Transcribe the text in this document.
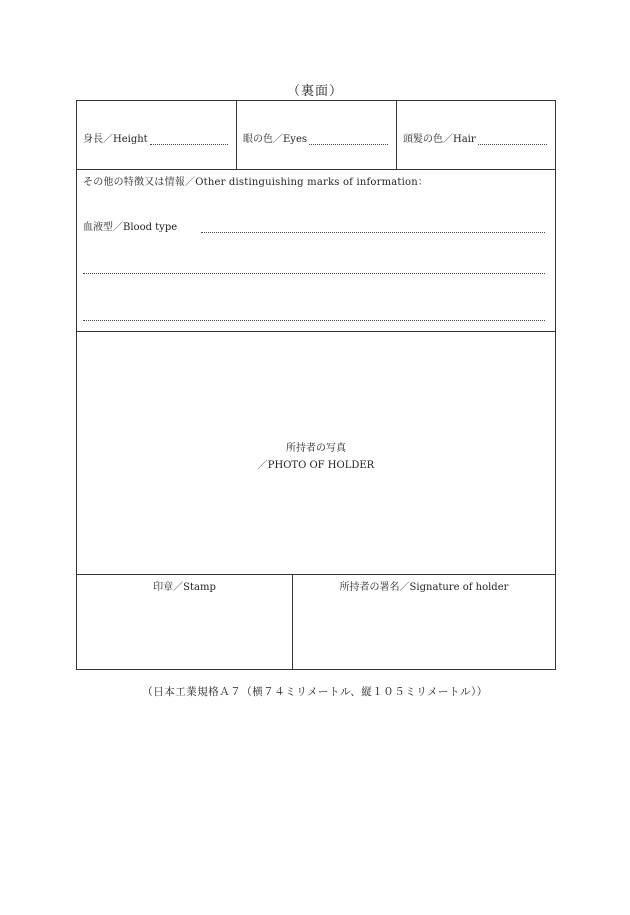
（裏面）
身長／Height	眼の色／Eyes	頭髪の色／Hair
その他の特徴又は情報／Other distinguishing marks of information：
血液型／Blood type
所持者の写真
／PHOTO OF HOLDER
印章／Stamp	所持者の署名／Signature of holder
（日本工業規格Ａ７（横７４ミリメートル、縦１０５ミリメートル））
